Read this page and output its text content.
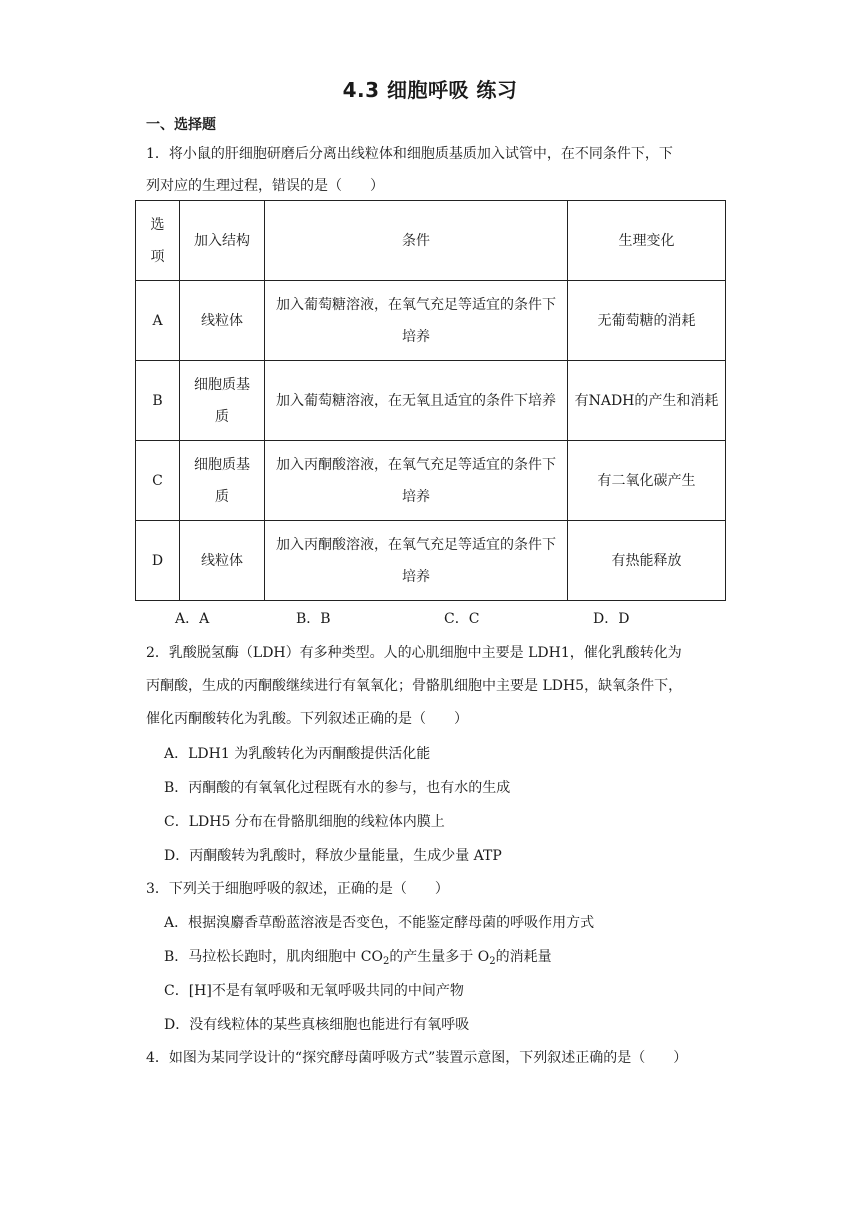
4.3 细胞呼吸 练习
一、选择题
1．将小鼠的肝细胞研磨后分离出线粒体和细胞质基质加入试管中，在不同条件下，下
列对应的生理过程，错误的是（　　）
选项	加入结构	条件	生理变化
A	线粒体	加入葡萄糖溶液，在氧气充足等适宜的条件下培养	无葡萄糖的消耗
B	细胞质基质	加入葡萄糖溶液，在无氧且适宜的条件下培养	有NADH的产生和消耗
C	细胞质基质	加入丙酮酸溶液，在氧气充足等适宜的条件下培养	有二氧化碳产生
D	线粒体	加入丙酮酸溶液，在氧气充足等适宜的条件下培养	有热能释放
A．A	B．B	C．C	D．D
2．乳酸脱氢酶（LDH）有多种类型。人的心肌细胞中主要是 LDH1，催化乳酸转化为
丙酮酸，生成的丙酮酸继续进行有氧氧化；骨骼肌细胞中主要是 LDH5，缺氧条件下，
催化丙酮酸转化为乳酸。下列叙述正确的是（　　）
A．LDH1 为乳酸转化为丙酮酸提供活化能
B．丙酮酸的有氧氧化过程既有水的参与，也有水的生成
C．LDH5 分布在骨骼肌细胞的线粒体内膜上
D．丙酮酸转为乳酸时，释放少量能量，生成少量 ATP
3．下列关于细胞呼吸的叙述，正确的是（　　）
A．根据溴麝香草酚蓝溶液是否变色，不能鉴定酵母菌的呼吸作用方式
B．马拉松长跑时，肌肉细胞中 $CO_2$的产生量多于 $O_2$的消耗量
C．[H]不是有氧呼吸和无氧呼吸共同的中间产物
D．没有线粒体的某些真核细胞也能进行有氧呼吸
4．如图为某同学设计的“探究酵母菌呼吸方式”装置示意图，下列叙述正确的是（　　）
